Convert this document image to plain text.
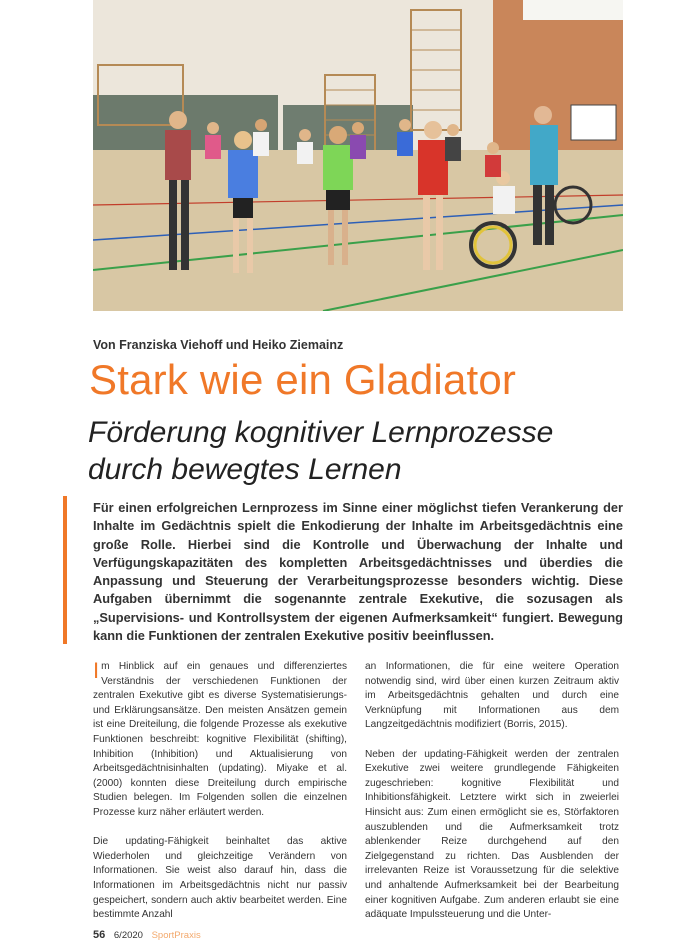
Von Franziska Viehoff und Heiko Ziemainz
Stark wie ein Gladiator
Förderung kognitiver Lernprozesse
durch bewegtes Lernen

Für einen erfolgreichen Lernprozess im Sinne einer möglichst tiefen Verankerung der Inhalte im Gedächtnis spielt die Enkodierung der Inhalte im Arbeitsgedächtnis eine große Rolle. Hierbei sind die Kontrolle und Überwachung der Inhalte und Verfügungskapazitäten des kompletten Arbeitsgedächtnisses und überdies die Anpassung und Steuerung der Verarbeitungsprozesse besonders wichtig. Diese Aufgaben übernimmt die sogenannte zentrale Exekutive, die sozusagen als „Supervisions- und Kontrollsystem der eigenen Aufmerksamkeit“ fungiert. Bewegung kann die Funktionen der zentralen Exekutive positiv beeinflussen.

Im Hinblick auf ein genaues und differenziertes Verständnis der verschiedenen Funktionen der zentralen Exekutive gibt es diverse Systematisierungs- und Erklärungsansätze. Den meisten Ansätzen gemein ist eine Dreiteilung, die folgende Prozesse als exekutive Funktionen beschreibt: kognitive Flexibilität (shifting), Inhibition (Inhibition) und Aktualisierung von Arbeitsgedächtnisinhalten (updating). Miyake et al. (2000) konnten diese Dreiteilung durch empirische Studien belegen. Im Folgenden sollen die einzelnen Prozesse kurz näher erläutert werden.

Die updating-Fähigkeit beinhaltet das aktive Wiederholen und gleichzeitige Verändern von Informationen. Sie weist also darauf hin, dass die Informationen im Arbeitsgedächtnis nicht nur passiv gespeichert, sondern auch aktiv bearbeitet werden. Eine bestimmte Anzahl

an Informationen, die für eine weitere Operation notwendig sind, wird über einen kurzen Zeitraum aktiv im Arbeitsgedächtnis gehalten und durch eine Verknüpfung mit Informationen aus dem Langzeitgedächtnis modifiziert (Borris, 2015).

Neben der updating-Fähigkeit werden der zentralen Exekutive zwei weitere grundlegende Fähigkeiten zugeschrieben: kognitive Flexibilität und Inhibitionsfähigkeit. Letztere wirkt sich in zweierlei Hinsicht aus: Zum einen ermöglicht sie es, Störfaktoren auszublenden und die Aufmerksamkeit trotz ablenkender Reize durchgehend auf den Zielgegenstand zu richten. Das Ausblenden der irrelevanten Reize ist Voraussetzung für die selektive und anhaltende Aufmerksamkeit bei der Bearbeitung einer kognitiven Aufgabe. Zum anderen erlaubt sie eine adäquate Impulssteuerung und die Unter-

56 6/2020 SportPraxis
